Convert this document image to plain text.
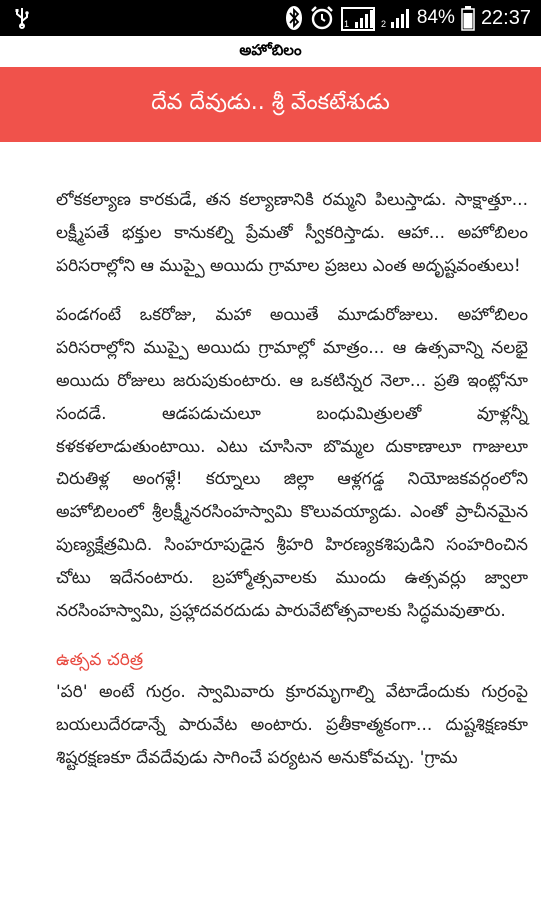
1	2 84% 22:37
అహోబిలం
దేవ దేవుడు.. శ్రీ వేంకటేశుడు

లోకకల్యాణ కారకుడే, తన కల్యాణానికి రమ్మని పిలుస్తాడు. సాక్షాత్తూ... లక్ష్మీపతే భక్తుల కానుకల్ని ప్రేమతో స్వీకరిస్తాడు. ఆహా... అహోబిలం పరిసరాల్లోని ఆ ముప్పై అయిదు గ్రామాల ప్రజలు ఎంత అదృష్టవంతులు!

పండగంటే ఒకరోజు, మహా అయితే మూడురోజులు. అహోబిలం పరిసరాల్లోని ముప్పై అయిదు గ్రామాల్లో మాత్రం... ఆ ఉత్సవాన్ని నలభై అయిదు రోజులు జరుపుకుంటారు. ఆ ఒకటిన్నర నెలా... ప్రతి ఇంట్లోనూ సందడే. ఆడపడుచులూ బంధుమిత్రులతో వూళ్లన్నీ కళకళలాడుతుంటాయి. ఎటు చూసినా బొమ్మల దుకాణాలూ గాజులూ చిరుతిళ్ల అంగళ్లే! కర్నూలు జిల్లా ఆళ్లగడ్డ నియోజకవర్గంలోని అహోబిలంలో శ్రీలక్ష్మీనరసింహస్వామి కొలువయ్యాడు. ఎంతో ప్రాచీనమైన పుణ్యక్షేత్రమిది. సింహరూపుడైన శ్రీహరి హిరణ్యకశిపుడిని సంహరించిన చోటు ఇదేనంటారు. బ్రహ్మోత్సవాలకు ముందు ఉత్సవర్లు జ్వాలా నరసింహస్వామి, ప్రహ్లాదవరదుడు పారువేటోత్సవాలకు సిద్ధమవుతారు.

ఉత్సవ చరిత్ర

'పరి' అంటే గుర్రం. స్వామివారు క్రూరమృగాల్ని వేటాడేందుకు గుర్రంపై బయలుదేరడాన్నే పారువేట అంటారు. ప్రతీకాత్మకంగా... దుష్టశిక్షణకూ శిష్టరక్షణకూ దేవదేవుడు సాగించే పర్యటన అనుకోవచ్చు. 'గ్రామ
